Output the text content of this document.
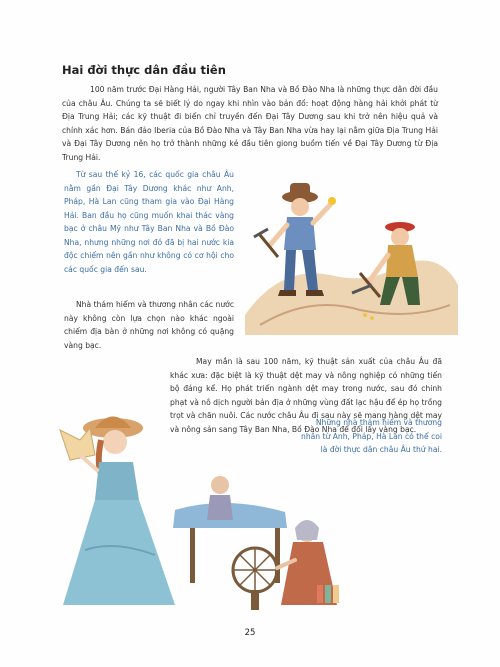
Hai đời thực dân đầu tiên

100 năm trước Đại Hàng Hải, người Tây Ban Nha và Bồ Đào Nha là những thực dân đời đầu của châu Âu. Chúng ta sẽ biết lý do ngay khi nhìn vào bản đồ: hoạt động hàng hải khởi phát từ Địa Trung Hải; các kỹ thuật đi biển chỉ truyền đến Đại Tây Dương sau khi trở nên hiệu quả và chính xác hơn. Bán đảo Iberia của Bồ Đào Nha và Tây Ban Nha vừa hay lại nằm giữa Địa Trung Hải và Đại Tây Dương nên họ trở thành những kẻ đầu tiên giong buồm tiến về Đại Tây Dương từ Địa Trung Hải.

Từ sau thế kỷ 16, các quốc gia châu Âu nằm gần Đại Tây Dương khác như Anh, Pháp, Hà Lan cũng tham gia vào Đại Hàng Hải. Ban đầu họ cũng muốn khai thác vàng bạc ở châu Mỹ như Tây Ban Nha và Bồ Đào Nha, nhưng những nơi đó đã bị hai nước kia độc chiếm nên gần như không có cơ hội cho các quốc gia đến sau.

Nhà thám hiểm và thương nhân các nước này không còn lựa chọn nào khác ngoài chiếm địa bàn ở những nơi không có quặng vàng bạc.

May mắn là sau 100 năm, kỹ thuật sản xuất của châu Âu đã khác xưa: đặc biệt là kỹ thuật dệt may và nông nghiệp có những tiến bộ đáng kể. Họ phát triển ngành dệt may trong nước, sau đó chinh phạt và nô dịch người bản địa ở những vùng đất lạc hậu để ép họ trồng trọt và chăn nuôi. Các nước châu Âu đi sau này sẽ mang hàng dệt may và nông sản sang Tây Ban Nha, Bồ Đào Nha để đổi lấy vàng bạc.

Những nhà thám hiểm và thương nhân từ Anh, Pháp, Hà Lan có thể coi là đời thực dân châu Âu thứ hai.

25
